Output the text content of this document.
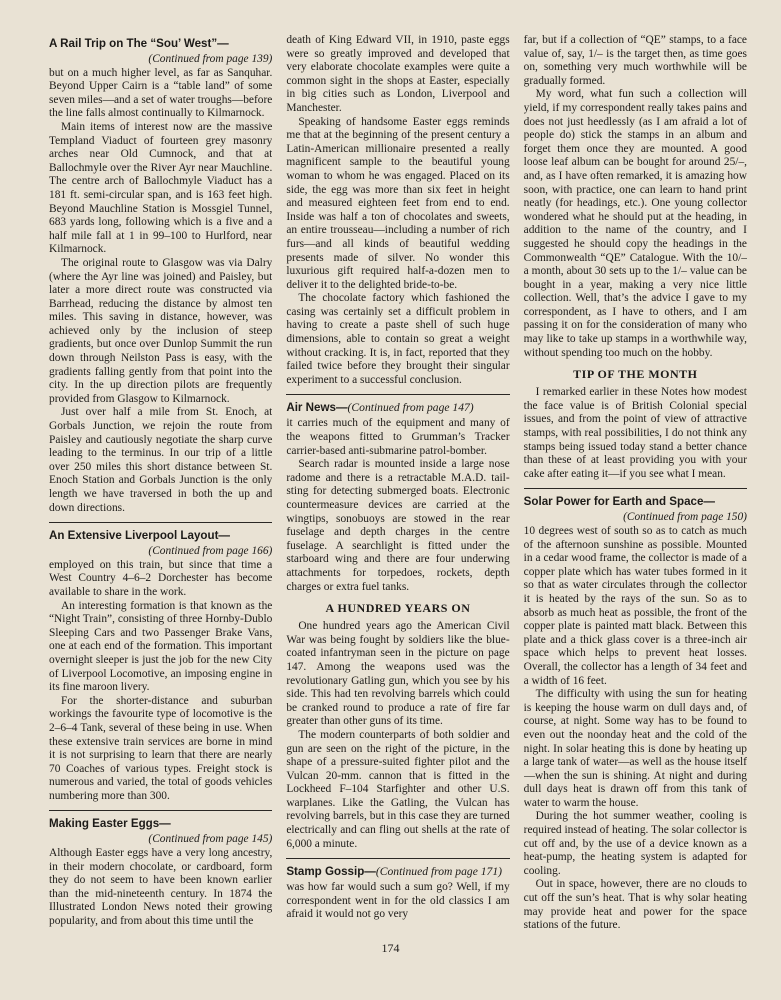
A Rail Trip on The “Sou’ West”—

(Continued from page 139)

but on a much higher level, as far as Sanquhar. Beyond Upper Cairn is a “table land” of some seven miles—and a set of water troughs—before the line falls almost continually to Kilmarnock.

Main items of interest now are the massive Templand Viaduct of fourteen grey masonry arches near Old Cumnock, and that at Ballochmyle over the River Ayr near Mauchline. The centre arch of Ballochmyle Viaduct has a 181 ft. semi-circular span, and is 163 feet high. Beyond Mauchline Station is Mossgiel Tunnel, 683 yards long, following which is a five and a half mile fall at 1 in 99–100 to Hurlford, near Kilmarnock.

The original route to Glasgow was via Dalry (where the Ayr line was joined) and Paisley, but later a more direct route was constructed via Barrhead, reducing the distance by almost ten miles. This saving in distance, however, was achieved only by the inclusion of steep gradients, but once over Dunlop Summit the run down through Neilston Pass is easy, with the gradients falling gently from that point into the city. In the up direction pilots are frequently provided from Glasgow to Kilmarnock.

Just over half a mile from St. Enoch, at Gorbals Junction, we rejoin the route from Paisley and cautiously negotiate the sharp curve leading to the terminus. In our trip of a little over 250 miles this short distance between St. Enoch Station and Gorbals Junction is the only length we have traversed in both the up and down directions.

An Extensive Liverpool Layout—

(Continued from page 166)

employed on this train, but since that time a West Country 4–6–2 Dorchester has become available to share in the work.

An interesting formation is that known as the “Night Train”, consisting of three Hornby-Dublo Sleeping Cars and two Passenger Brake Vans, one at each end of the formation. This important overnight sleeper is just the job for the new City of Liverpool Locomotive, an imposing engine in its fine maroon livery.

For the shorter-distance and suburban workings the favourite type of locomotive is the 2–6–4 Tank, several of these being in use. When these extensive train services are borne in mind it is not surprising to learn that there are nearly 70 Coaches of various types. Freight stock is numerous and varied, the total of goods vehicles numbering more than 300.

Making Easter Eggs—

(Continued from page 145)

Although Easter eggs have a very long ancestry, in their modern chocolate, or cardboard, form they do not seem to have been known earlier than the mid-nineteenth century. In 1874 the Illustrated London News noted their growing popularity, and from about this time until the

death of King Edward VII, in 1910, paste eggs were so greatly improved and developed that very elaborate chocolate examples were quite a common sight in the shops at Easter, especially in big cities such as London, Liverpool and Manchester.

Speaking of handsome Easter eggs reminds me that at the beginning of the present century a Latin-American millionaire presented a really magnificent sample to the beautiful young woman to whom he was engaged. Placed on its side, the egg was more than six feet in height and measured eighteen feet from end to end. Inside was half a ton of chocolates and sweets, an entire trousseau—including a number of rich furs—and all kinds of beautiful wedding presents made of silver. No wonder this luxurious gift required half-a-dozen men to deliver it to the delighted bride-to-be.

The chocolate factory which fashioned the casing was certainly set a difficult problem in having to create a paste shell of such huge dimensions, able to contain so great a weight without cracking. It is, in fact, reported that they failed twice before they brought their singular experiment to a successful conclusion.

Air News—(Continued from page 147)

it carries much of the equipment and many of the weapons fitted to Grumman’s Tracker carrier-based anti-submarine patrol-bomber.

Search radar is mounted inside a large nose radome and there is a retractable M.A.D. tail-sting for detecting submerged boats. Electronic countermeasure devices are carried at the wingtips, sonobuoys are stowed in the rear fuselage and depth charges in the centre fuselage. A searchlight is fitted under the starboard wing and there are four underwing attachments for torpedoes, rockets, depth charges or extra fuel tanks.

A HUNDRED YEARS ON

One hundred years ago the American Civil War was being fought by soldiers like the blue-coated infantryman seen in the picture on page 147. Among the weapons used was the revolutionary Gatling gun, which you see by his side. This had ten revolving barrels which could be cranked round to produce a rate of fire far greater than other guns of its time.

The modern counterparts of both soldier and gun are seen on the right of the picture, in the shape of a pressure-suited fighter pilot and the Vulcan 20-mm. cannon that is fitted in the Lockheed F–104 Starfighter and other U.S. warplanes. Like the Gatling, the Vulcan has revolving barrels, but in this case they are turned electrically and can fling out shells at the rate of 6,000 a minute.

Stamp Gossip—(Continued from page 171)

was how far would such a sum go? Well, if my correspondent went in for the old classics I am afraid it would not go very

far, but if a collection of “QE” stamps, to a face value of, say, 1/– is the target then, as time goes on, something very much worthwhile will be gradually formed.

My word, what fun such a collection will yield, if my correspondent really takes pains and does not just heedlessly (as I am afraid a lot of people do) stick the stamps in an album and forget them once they are mounted. A good loose leaf album can be bought for around 25/–, and, as I have often remarked, it is amazing how soon, with practice, one can learn to hand print neatly (for headings, etc.). One young collector wondered what he should put at the heading, in addition to the name of the country, and I suggested he should copy the headings in the Commonwealth “QE” Catalogue. With the 10/– a month, about 30 sets up to the 1/– value can be bought in a year, making a very nice little collection. Well, that’s the advice I gave to my correspondent, as I have to others, and I am passing it on for the consideration of many who may like to take up stamps in a worthwhile way, without spending too much on the hobby.

TIP OF THE MONTH

I remarked earlier in these Notes how modest the face value is of British Colonial special issues, and from the point of view of attractive stamps, with real possibilities, I do not think any stamps being issued today stand a better chance than these of at least providing you with your cake after eating it—if you see what I mean.

Solar Power for Earth and Space—

(Continued from page 150)

10 degrees west of south so as to catch as much of the afternoon sunshine as possible. Mounted in a cedar wood frame, the collector is made of a copper plate which has water tubes formed in it so that as water circulates through the collector it is heated by the rays of the sun. So as to absorb as much heat as possible, the front of the copper plate is painted matt black. Between this plate and a thick glass cover is a three-inch air space which helps to prevent heat losses. Overall, the collector has a length of 34 feet and a width of 16 feet.

The difficulty with using the sun for heating is keeping the house warm on dull days and, of course, at night. Some way has to be found to even out the noonday heat and the cold of the night. In solar heating this is done by heating up a large tank of water—as well as the house itself—when the sun is shining. At night and during dull days heat is drawn off from this tank of water to warm the house.

During the hot summer weather, cooling is required instead of heating. The solar collector is cut off and, by the use of a device known as a heat-pump, the heating system is adapted for cooling.

Out in space, however, there are no clouds to cut off the sun’s heat. That is why solar heating may provide heat and power for the space stations of the future.

174
